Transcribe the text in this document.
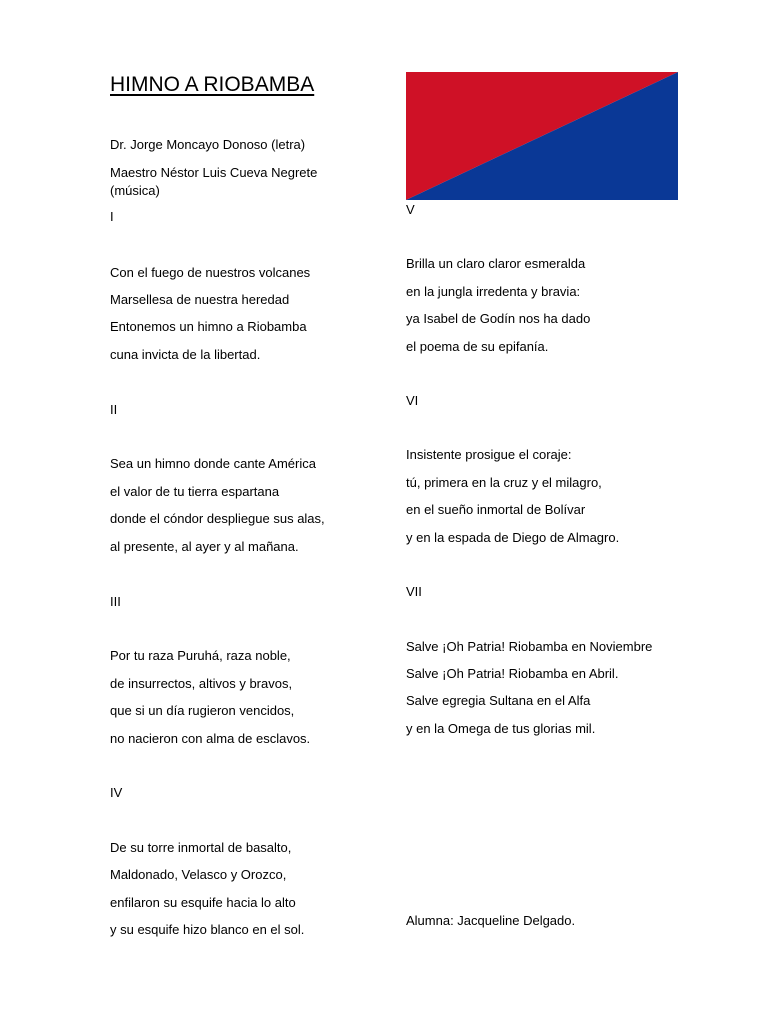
HIMNO A RIOBAMBA
Dr. Jorge Moncayo Donoso (letra)
Maestro Néstor Luis Cueva Negrete
(música)
I
Con el fuego de nuestros volcanes
Marsellesa de nuestra heredad
Entonemos un himno a Riobamba
cuna invicta de la libertad.
II
Sea un himno donde cante América
el valor de tu tierra espartana
donde el cóndor despliegue sus alas,
al presente, al ayer y al mañana.
III
Por tu raza Puruhá, raza noble,
de insurrectos, altivos y bravos,
que si un día rugieron vencidos,
no nacieron con alma de esclavos.
IV
De su torre inmortal de basalto,
Maldonado, Velasco y Orozco,
enfilaron su esquife hacia lo alto
y su esquife hizo blanco en el sol.
V
Brilla un claro claror esmeralda
en la jungla irredenta y bravia:
ya Isabel de Godín nos ha dado
el poema de su epifanía.
VI
Insistente prosigue el coraje:
tú, primera en la cruz y el milagro,
en el sueño inmortal de Bolívar
y en la espada de Diego de Almagro.
VII
Salve ¡Oh Patria! Riobamba en Noviembre
Salve ¡Oh Patria! Riobamba en Abril.
Salve egregia Sultana en el Alfa
y en la Omega de tus glorias mil.
Alumna: Jacqueline Delgado.
